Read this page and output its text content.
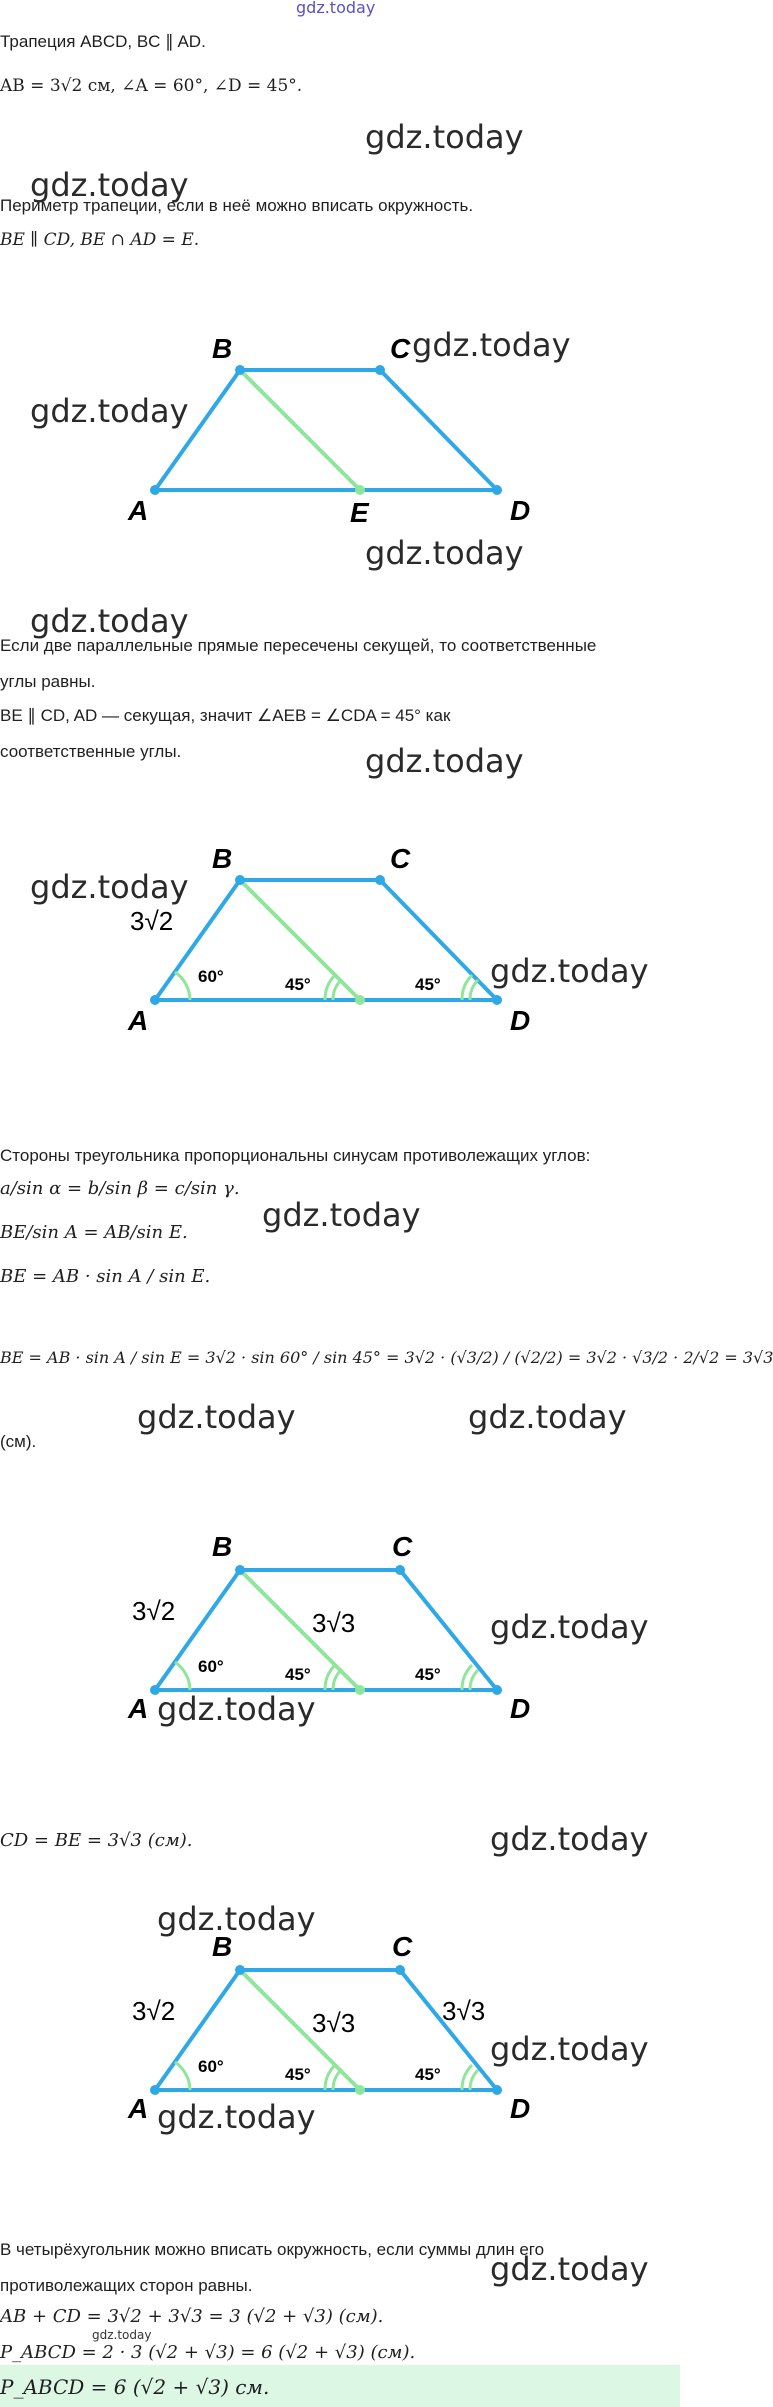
gdz.today
Трапеция ABCD, BC ∥ AD.
AB = 3√2 см, ∠A = 60°, ∠D = 45°.
gdz.today
gdz.today
Периметр трапеции, если в неё можно вписать окружность.
BE ∥ CD, BE ∩ AD = E.
A
B	C
D
E
gdz.today
gdz.today
gdz.today
gdz.today
Если две параллельные прямые пересечены секущей, то соответственные
углы равны.
BE ∥ CD, AD — секущая, значит ∠AEB = ∠CDA = 45° как
соответственные углы.	gdz.today
A
B	C
D
3√2
60°	45°	45°
gdz.today
gdz.today
Стороны треугольника пропорциональны синусам противолежащих углов:
a/sin α = b/sin β = c/sin γ.
gdz.today
BE/sin A = AB/sin E.
BE = AB · sin A / sin E.
BE = AB · sin A / sin E = 3√2 · sin 60° / sin 45° = 3√2 · (√3/2) / (√2/2) = 3√2 · √3/2 · 2/√2 = 3√3
(см).
gdz.today	gdz.today
A
B	C
D
3√2	3√3
60°	45°	45°
gdz.today
gdz.today
CD = BE = 3√3 (см).	gdz.today
gdz.today
A
B	C
D
3√2	3√3	3√3
60°	45°	45°
gdz.today
gdz.today
В четырёхугольник можно вписать окружность, если суммы длин его
противолежащих сторон равны.	gdz.today
AB + CD = 3√2 + 3√3 = 3 (√2 + √3) (см).
gdz.today
P_ABCD = 2 · 3 (√2 + √3) = 6 (√2 + √3) (см).
P_ABCD = 6 (√2 + √3) см.
